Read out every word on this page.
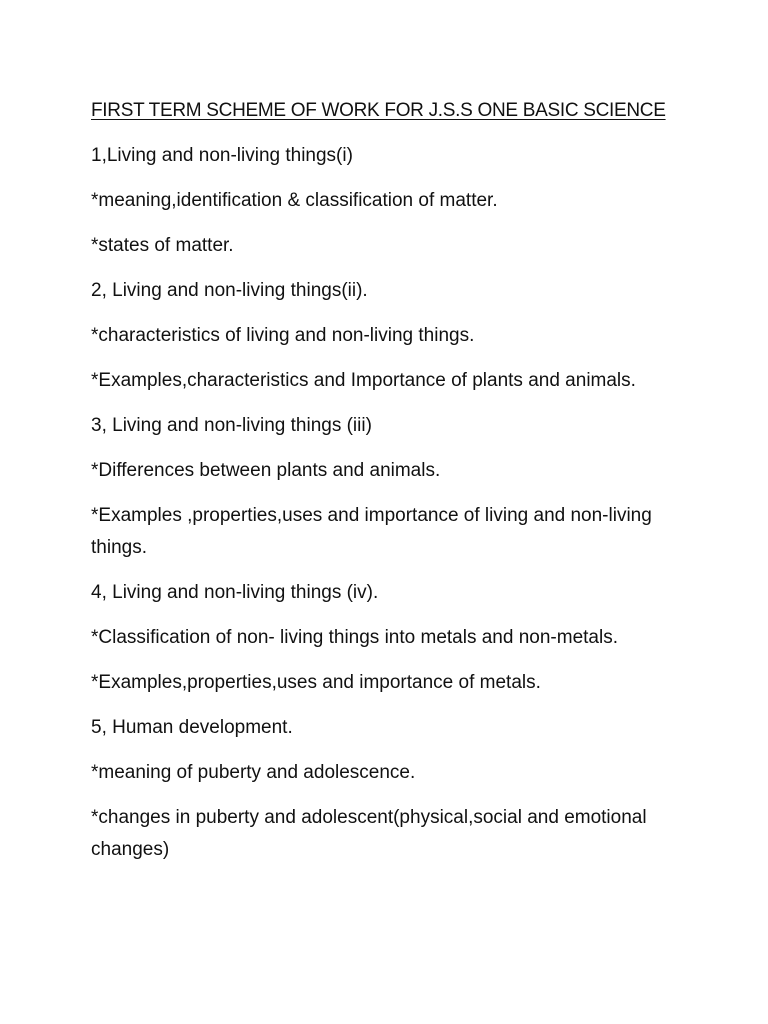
FIRST TERM SCHEME OF WORK FOR J.S.S ONE BASIC SCIENCE

1,Living and non-living things(i)

*meaning,identification & classification of matter.

*states of matter.

2, Living and non-living things(ii).

*characteristics of living and non-living things.

*Examples,characteristics and Importance of plants and animals.

3, Living and non-living things (iii)

*Differences between plants and animals.

*Examples ,properties,uses and importance of living and non-living things.

4, Living and non-living things (iv).

*Classification of non- living things into metals and non-metals.

*Examples,properties,uses and importance of metals.

5, Human development.

*meaning of puberty and adolescence.

*changes in puberty and adolescent(physical,social and emotional changes)
